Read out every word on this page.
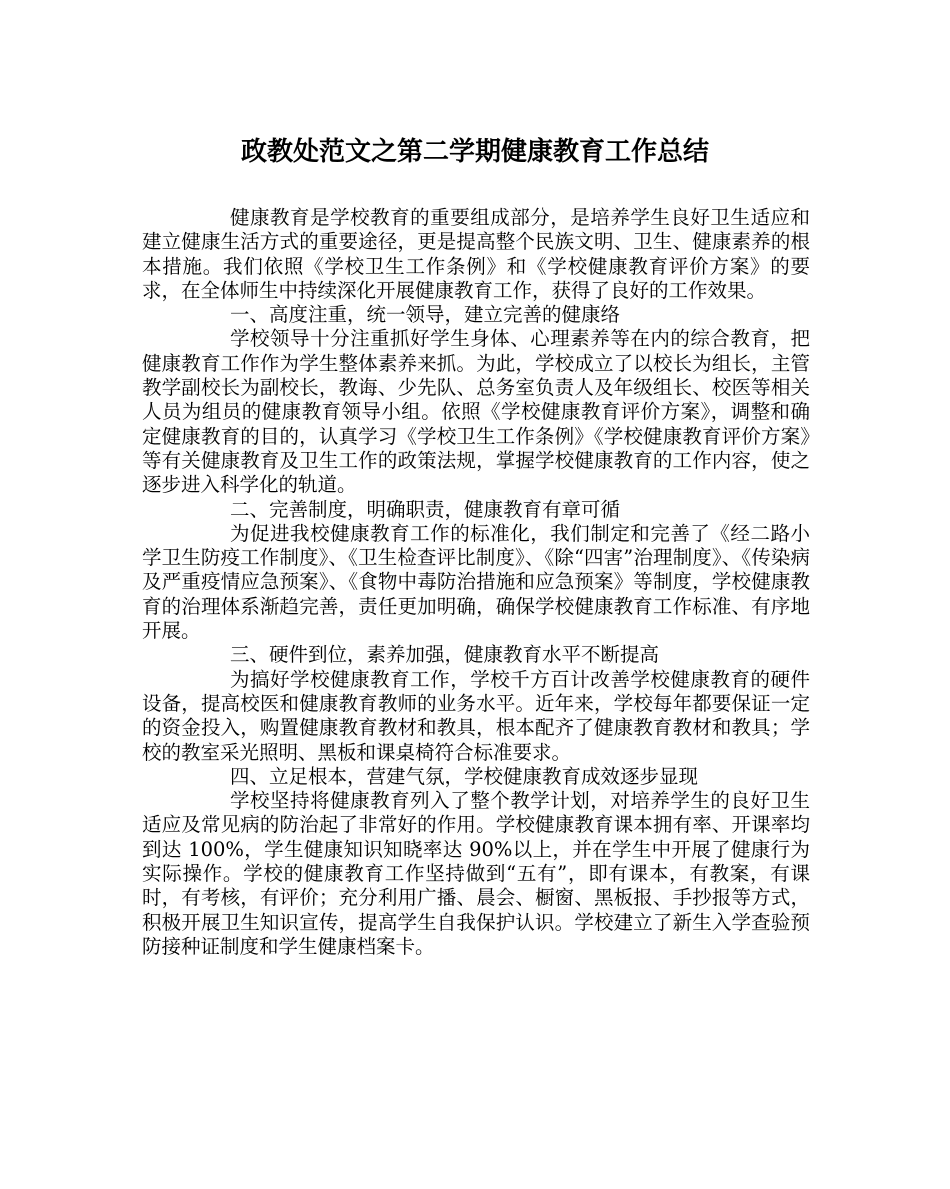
政教处范文之第二学期健康教育工作总结

健康教育是学校教育的重要组成部分，是培养学生良好卫生适应和建立健康生活方式的重要途径，更是提高整个民族文明、卫生、健康素养的根本措施。我们依照《学校卫生工作条例》和《学校健康教育评价方案》的要求，在全体师生中持续深化开展健康教育工作，获得了良好的工作效果。

一、高度注重，统一领导，建立完善的健康络

学校领导十分注重抓好学生身体、心理素养等在内的综合教育，把健康教育工作作为学生整体素养来抓。为此，学校成立了以校长为组长，主管教学副校长为副校长，教诲、少先队、总务室负责人及年级组长、校医等相关人员为组员的健康教育领导小组。依照《学校健康教育评价方案》，调整和确定健康教育的目的，认真学习《学校卫生工作条例》《学校健康教育评价方案》等有关健康教育及卫生工作的政策法规，掌握学校健康教育的工作内容，使之逐步进入科学化的轨道。

二、完善制度，明确职责，健康教育有章可循

为促进我校健康教育工作的标准化，我们制定和完善了《经二路小学卫生防疫工作制度》、《卫生检查评比制度》、《除“四害”治理制度》、《传染病及严重疫情应急预案》、《食物中毒防治措施和应急预案》等制度，学校健康教育的治理体系渐趋完善，责任更加明确，确保学校健康教育工作标准、有序地开展。

三、硬件到位，素养加强，健康教育水平不断提高

为搞好学校健康教育工作，学校千方百计改善学校健康教育的硬件设备，提高校医和健康教育教师的业务水平。近年来，学校每年都要保证一定的资金投入，购置健康教育教材和教具，根本配齐了健康教育教材和教具；学校的教室采光照明、黑板和课桌椅符合标准要求。

四、立足根本，营建气氛，学校健康教育成效逐步显现

学校坚持将健康教育列入了整个教学计划，对培养学生的良好卫生适应及常见病的防治起了非常好的作用。学校健康教育课本拥有率、开课率均到达 100%，学生健康知识知晓率达 90%以上，并在学生中开展了健康行为实际操作。学校的健康教育工作坚持做到“五有”，即有课本，有教案，有课时，有考核，有评价；充分利用广播、晨会、橱窗、黑板报、手抄报等方式，积极开展卫生知识宣传，提高学生自我保护认识。学校建立了新生入学查验预防接种证制度和学生健康档案卡。
